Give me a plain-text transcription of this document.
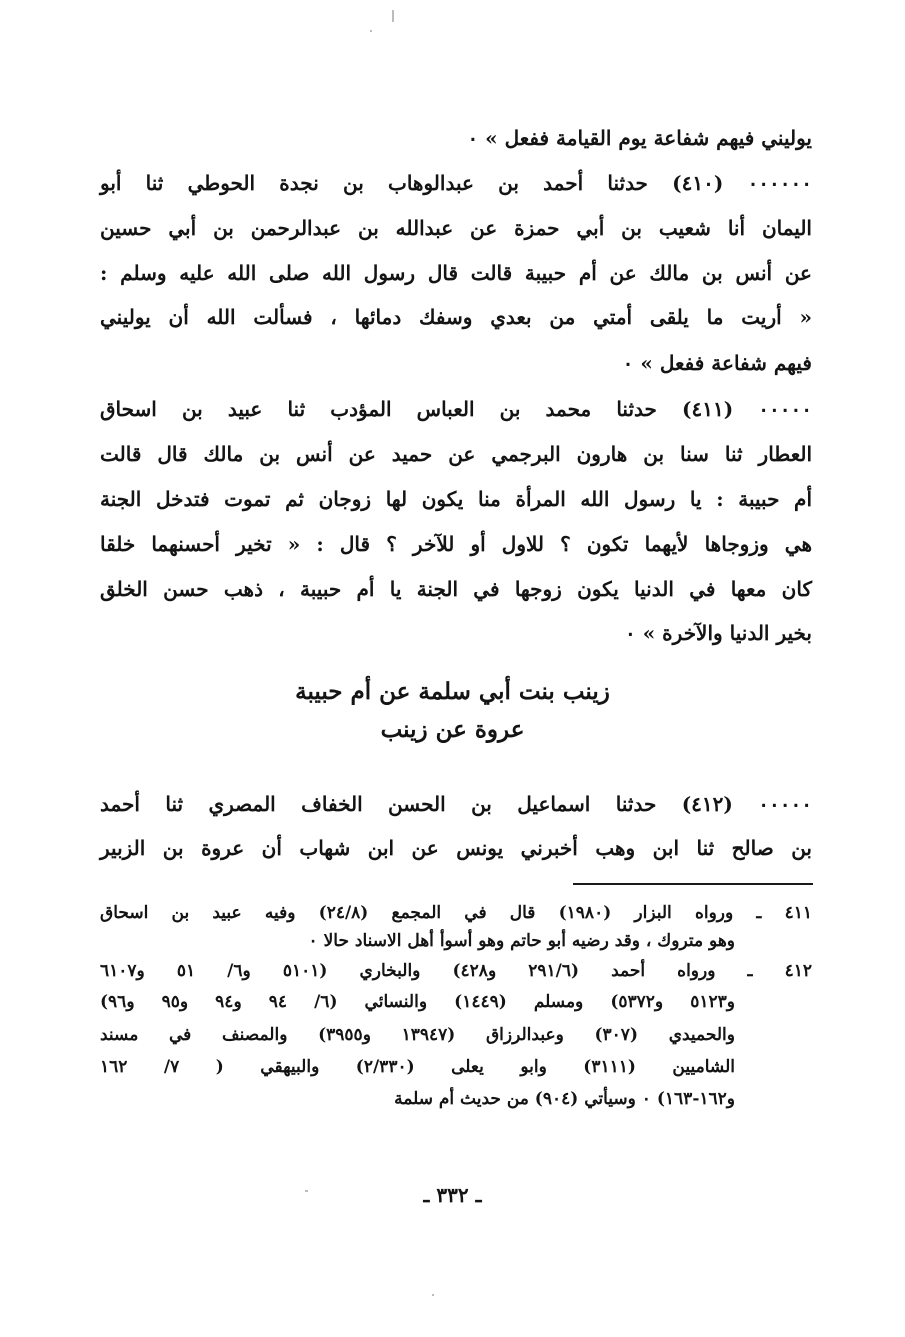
يوليني فيهم شفاعة يوم القيامة ففعل » ٠
٠٠٠٠٠٠ (٤١٠) حدثنا أحمد بن عبدالوهاب بن نجدة الحوطي ثنا أبو
اليمان أنا شعيب بن أبي حمزة عن عبدالله بن عبدالرحمن بن أبي حسين
عن أنس بن مالك عن أم حبيبة قالت قال رسول الله صلى الله عليه وسلم :
« أريت ما يلقى أمتي من بعدي وسفك دمائها ، فسألت الله أن يوليني
فيهم شفاعة ففعل » ٠
٠٠٠٠٠ (٤١١) حدثنا محمد بن العباس المؤدب ثنا عبيد بن اسحاق
العطار ثنا سنا بن هارون البرجمي عن حميد عن أنس بن مالك قال قالت
أم حبيبة : يا رسول الله المرأة منا يكون لها زوجان ثم تموت فتدخل الجنة
هي وزوجاها لأيهما تكون ؟ للاول أو للآخر ؟ قال : « تخير أحسنهما خلقا
كان معها في الدنيا يكون زوجها في الجنة يا أم حبيبة ، ذهب حسن الخلق
بخير الدنيا والآخرة » ٠
زينب بنت أبي سلمة عن أم حبيبة
عروة عن زينب
٠٠٠٠٠ (٤١٢) حدثنا اسماعيل بن الحسن الخفاف المصري ثنا أحمد
بن صالح ثنا ابن وهب أخبرني يونس عن ابن شهاب أن عروة بن الزبير
٤١١ ـ ورواه البزار (١٩٨٠) قال في المجمع (٢٤/٨) وفيه عبيد بن اسحاق
وهو متروك ، وقد رضيه أبو حاتم وهو أسوأ أهل الاسناد حالا ٠
٤١٢ ـ ورواه أحمد (٢٩١/٦ و٤٢٨) والبخاري (٥١٠١ و٦/ ٥١ و٦١٠٧
و٥١٢٣ و٥٣٧٢) ومسلم (١٤٤٩) والنسائي (٦/ ٩٤ و٩٤ و٩٥ و٩٦)
والحميدي (٣٠٧) وعبدالرزاق (١٣٩٤٧ و٣٩٥٥) والمصنف في مسند
الشاميين (٣١١١) وابو يعلى (٢/٣٣٠) والبيهقي ( ٧/ ١٦٢
و١٦٢-١٦٣) ٠ وسيأتي (٩٠٤) من حديث أم سلمة
ـ ٣٣٢ ـ
